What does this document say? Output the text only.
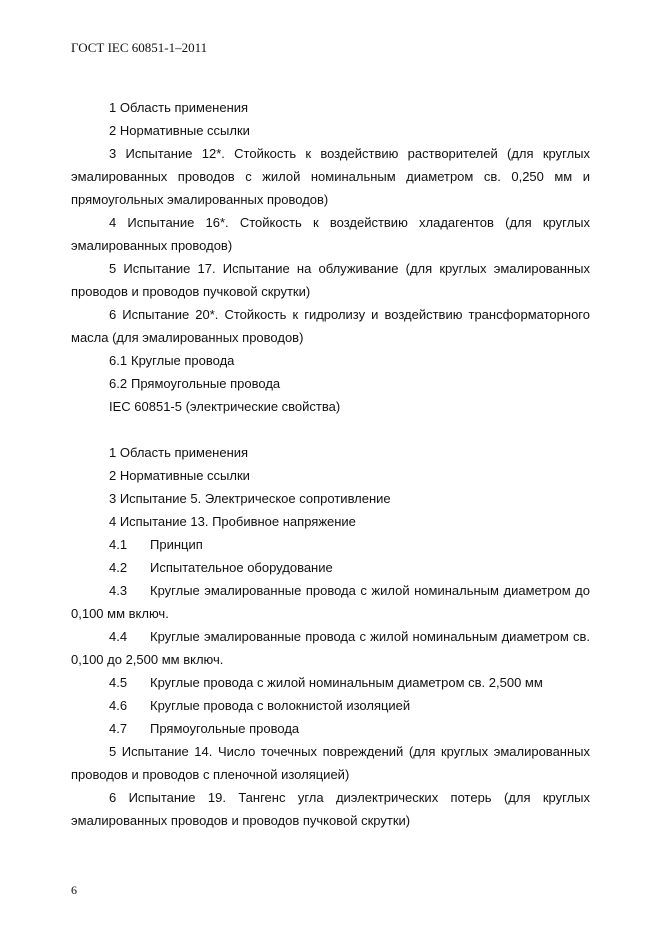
ГОСТ IEC 60851-1–2011

1 Область применения

2 Нормативные ссылки

3 Испытание 12*. Стойкость к воздействию растворителей (для круглых эмалированных проводов с жилой номинальным диаметром св. 0,250 мм и прямоугольных эмалированных проводов)

4 Испытание 16*. Стойкость к воздействию хладагентов (для круглых эмалированных проводов)

5 Испытание 17. Испытание на облуживание (для круглых эмалированных проводов и проводов пучковой скрутки)

6 Испытание 20*. Стойкость к гидролизу и воздействию трансформаторного масла (для эмалированных проводов)

6.1 Круглые провода
6.2 Прямоугольные провода

IEC 60851-5 (электрические свойства)

1 Область применения

2 Нормативные ссылки

3 Испытание 5. Электрическое сопротивление

4 Испытание 13. Пробивное напряжение

4.1	Принцип
4.2	Испытательное оборудование

4.3 Круглые эмалированные провода с жилой номинальным диаметром до 0,100 мм включ.

4.4 Круглые эмалированные провода с жилой номинальным диаметром св. 0,100 до 2,500 мм включ.

4.5	Круглые провода с жилой номинальным диаметром св. 2,500 мм
4.6	Круглые провода с волокнистой изоляцией
4.7	Прямоугольные провода

5 Испытание 14. Число точечных повреждений (для круглых эмалированных проводов и проводов с пленочной изоляцией)

6 Испытание 19. Тангенс угла диэлектрических потерь (для круглых эмалированных проводов и проводов пучковой скрутки)

6
